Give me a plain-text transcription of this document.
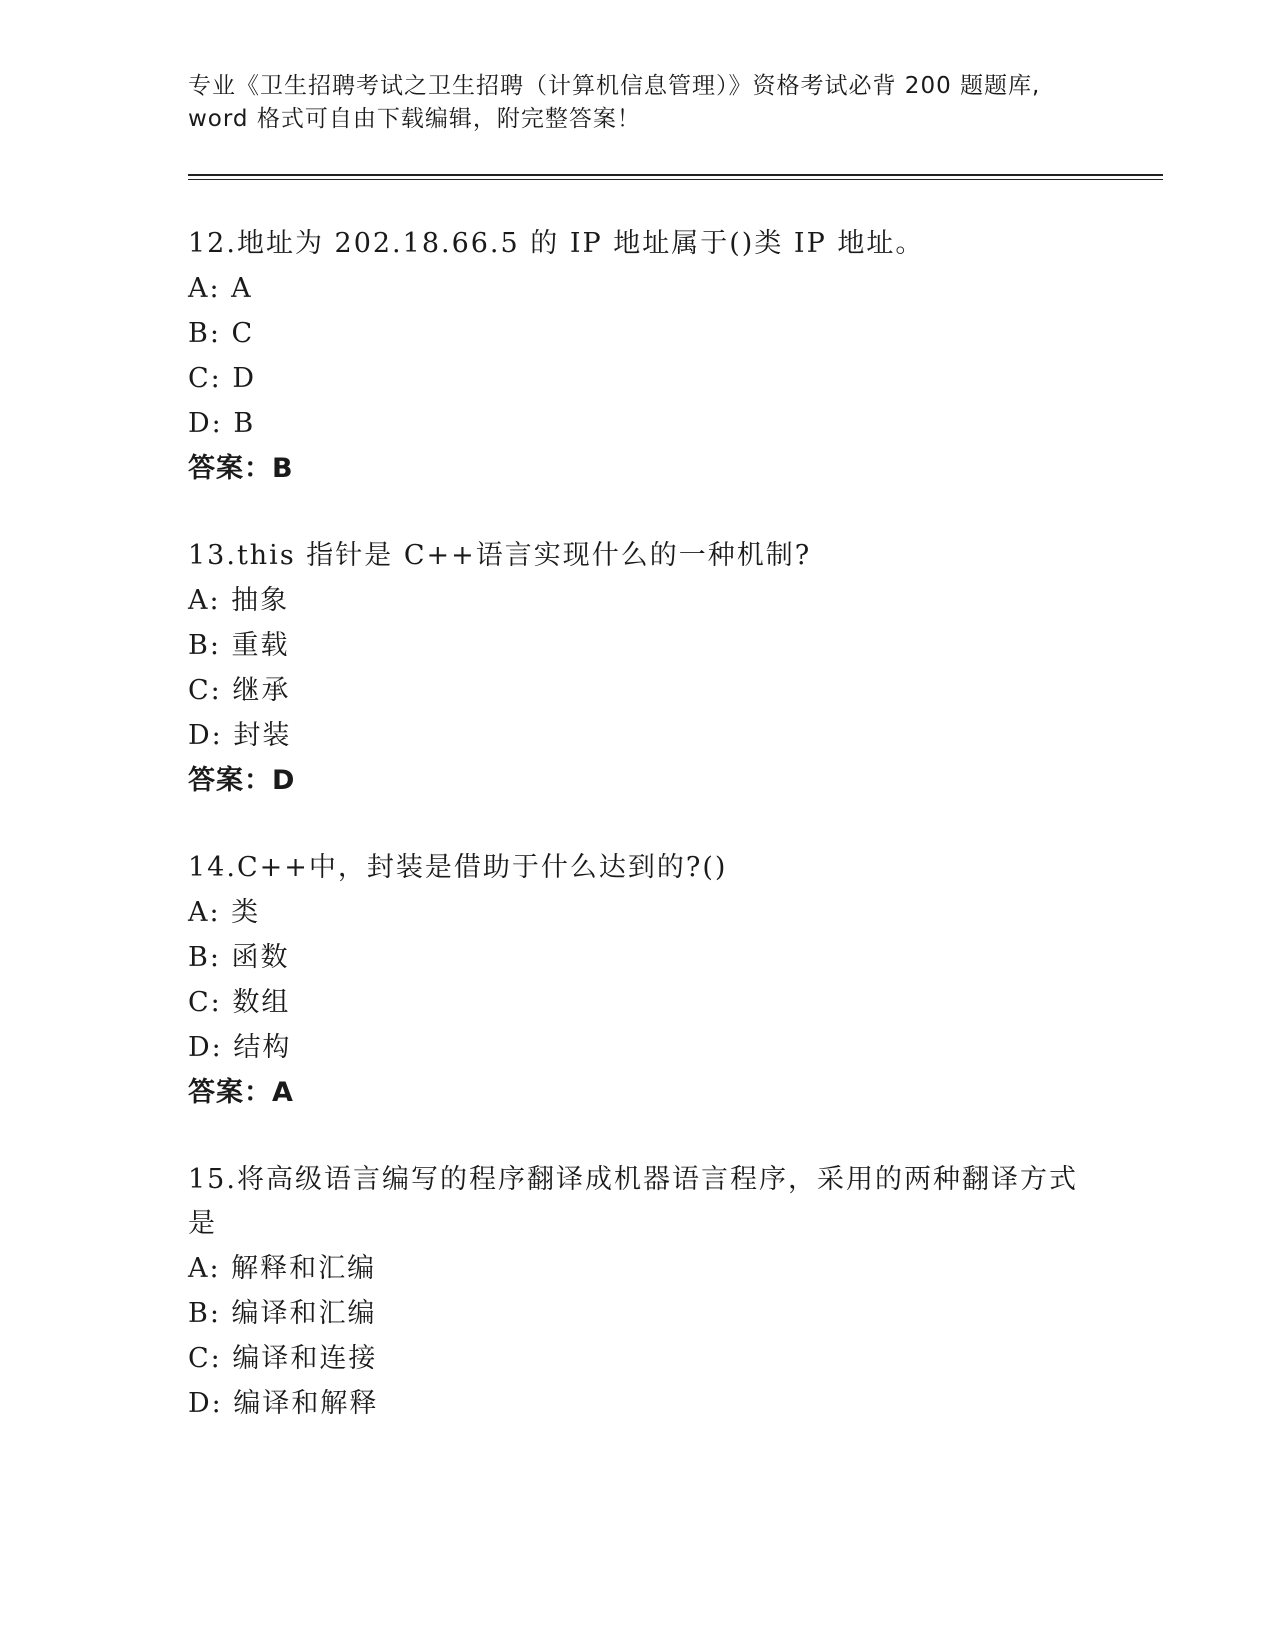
专业《卫生招聘考试之卫生招聘（计算机信息管理）》资格考试必背 200 题题库,
word 格式可自由下载编辑，附完整答案！
12.地址为 202.18.66.5 的 IP 地址属于()类 IP 地址。
A: A
B: C
C: D
D: B
答案：B
13.this 指针是 C++语言实现什么的一种机制?
A: 抽象
B: 重载
C: 继承
D: 封装
答案：D
14.C++中，封装是借助于什么达到的?()
A: 类
B: 函数
C: 数组
D: 结构
答案：A
15.将高级语言编写的程序翻译成机器语言程序，采用的两种翻译方式是
A: 解释和汇编
B: 编译和汇编
C: 编译和连接
D: 编译和解释
